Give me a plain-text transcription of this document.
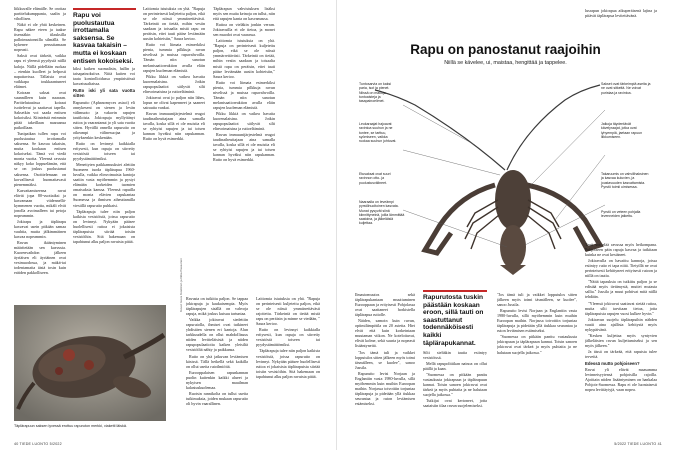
liikkuvalle elämälle. Se orottaa partitelukumppania, saalin ja vihollisen.

Näkö ei ole yhtä keskeinen. Rapu näkee eteen ja taakse itsensäkin tilauksilla palloimustonnilla silmällä. Se kykenee perusttamaan nopeasti.

Saksit ovat tärkeät, vaikka rapu ei yleensä pyydystä niillä kaloja. Niillä pidellään ruokaa – etenkin kuolleet ja helposti napattavissa. Tällaisia ovat vaikkapa toukkaantuneet eläimet.

Koiraan saksat ovat suunnilleen kuin naaraan. Parittelutaatissa koiraat isottelevat ja saattavat tapella. Saksetkin voi saada entisen kokoisiksi. Kiinteästä enimmin pitää takeillaan naaraansa paikoillaan.

Tunipaikan tullen rapu voi puolustautua irrottamalla saksensa. Se kasvaa takaisin, mutta kookaan entisen kokoiseksi. Tämä voi viedä monta vuotta. Yleensä ravusta näkyy koko loppuelämän, että se on joskus puolustanut saksensa. Osoittelemaan on korvallisesti huomattavasti pienemmäksi.

Kasvattamiseensa ravut elävät jopa 80-vuotiaiksi ja kasvamaan viidennellä-kymmenen vuotta, mikäli elvät jonolla avoimalleen tai petoja nopeammin.

Jokirapu ja täplärapu kasvavat usein pitkään samaa vauhtia, mutta jälkimmäinen kasvaa nopeammin.

Ravun ikääntyminen määritetään sen kasvusta. Kuorenvaihdon jälkeen äyriäisen eli äyriäinen ovat vesimuodossa, ja mäkä-tai todentamatta iästä tosin kuin eräiden pakkolliseen.

Rapu voi puolustautua irrottamalla saksensa. Se kasvaa takaisin – mutta ei koskaan entisen kokoiseksi.

kiksi kaiken suomalisin, hallin ja taisapainoksiiva. Niitä kuiten voi taata kontrolloidussa ympäristössä kasvatusaltaissa.

Rutto iski yli sata vuotta sitten

Rapurutto (Aphanomyces astaci) eli onnykeseni on sienen ja levän välimuoto ja vakavin rapujen tautiloista. Jokirapuja myllyttänyt ruttoa ja vaarantanut jo yli sata vuotta sitten. Hyvällä onnella rapurutto on oikeampi välinesuojaa ja yrityksenkin keskenään.

Rutto on levinnyt kaikkialla eritysesti, kun rapuja on siirretty vesistöstä toiseen tai pyydystämättömiksi.

Menettyten paikkamuuksiei alettiin Suomeen tuoda täplärapua 1960-luvulla, vaikka elinvoimaisia kantoja saatiin vasta myöhemmin ja pystyi elämään korkeiden tuomien omaisuksia kanssa. Yleensä rapuilla on monta elävien rapukantaa Suomessa ja ihmisen aiheuttamilla viestillä rapurutto puhkaisi.

Täplärapuja tulee niin paljon kaikista vesistöistä, joissa rapurutto on levinnyt. Nykyään pääsee huolellisesti ruttoa ei jokaisista täplärapuista siirtää toisiin vesistöihin. Sitä hakemaan on tapahtunut alku paljon ravuista pitää.

Laittomia istutuksia on yhä. "Rapuja on perinteisesti kuljetettu paljon, eikä se ole niissä ymmärrettävästi. Tärkeintä on tietää, mihin vesiin saadaan ja toisaalta mistä rapu on peräisin, ettei tauti pääse leviämään uusiin kohteisiin," Saura kertoo.

Rutto voi liimata esimerkiksi pienia, tummia pilkkuja ravun nivelissä ja muissa rapuvahvoilla. Tämän niin sanotun melanisaatioreaktion avulla eläin rapujen kuoleman elämistä.

Pikku likkiä on vaikea havaita kuorenalaisina. Jotkin rapupopulaatiot säilyvät silti elinvoimaisina ja ruttoeläiminä.

Jokiravut ovat jo paljon niin lähes, lopun ne olivat kapenneet ja saaneet sairautta vankat.

Ravun immuunijärjestelmä reagoi taudinaiheuttajaan aina samalla tavalla, koska sillä ei ole muistia eli se ryhtyisi rapujen ja tai toisen kannan hyväksi niin rapukannan. Rutto on hyvä esimerkki.

Ravusta on tutkittu paljon. Se tappaa jokirapuja ja kaukaisempia. Myös täplärapujen sisällä on vahvoja rapuja, mikä joskus kutsuu tartuntaa.

Vaikka jokiravut siedettiin rapurutolla, ihmiset ovat tutkineet yhdistäen sienen eri kantoja. Alun tarkkuudella on ollut mahdollisuus niiden levitteläisistä ja niiden rapupopulaatioita kaiken yleisiltä vesistöiltä nähty ja paikkansa.

Rutto on yhä jatkuvan leviämisen käsissä. Tällä hetkellä sekä kaikilla on ollut useita rutoilmiöitä.

Eurooppalaisen rapunkannan puolin kuitenkin kaikki alueet ja nykyisen maailman kalastuskuolemaa.

Ruotsin rannikolta on tullut useita tutkimuksia, joiden mukaan rapurutto oli hyvin vaarallinen.

Täplärapun vahvistuksen lisäksi myös sen muita keinoja on tullut, niin että rapujen kanta on kasvamassa.

Ruttoa on vieläkin jonkin verran. Jokiravuilla ei ole tietoa, ja monet sen muodot ovat vaarassa.

Laittomia istutuksia on yhä. "Rapuja on perinteisesti kuljetettu paljon, eikä se ole niissä ymmärrettävästi. Tärkeintä on tietää, mihin vesiin saadaan ja toisaalta mistä rapu on peräisin, ettei tauti pääse leviämään uusiin kohteisiin," Saura kertoo.

Rutto voi liimata esimerkiksi pienia, tummia pilkkuja ravun nivelissä ja muissa rapuvahvoilla. Tämän niin sanotun melanisaatioreaktion avulla eläin rapujen kuoleman elämistä.

Pikku likkiä on vaikea havaita kuorenalaisina. Jotkin rapupopulaatiot säilyvät silti elinvoimaisina ja ruttoeläiminä.

Ravun immuunijärjestelmä reagoi taudinaiheuttajaan aina samalla tavalla, koska sillä ei ole muistia eli se ryhtyisi rapujen ja tai toisen kannan hyväksi niin rapukannan. Rutto on hyvä esimerkki.

Laittomia istutuksia on yhä. "Rapuja on perinteisesti kuljetettu paljon, eikä se ole niissä ymmärrettävästi rajoitettu. Tärkeintä on tietää mistä rapu on peräisin ja minne se viedään, " Saura kertoo.

Rutto on levinnyt kaikkialla eritysesti, kun rapuja on siirretty vesistöstä toiseen tai pyydystämättömiksi.

Täplärapuja tulee niin paljon kaikista vesistöistä, joissa rapurutto on levinnyt. Nykyään pääsee huolellisesti ruttoa ei jokaisista täplärapuista siirtää toisiin vesistöihin. Sitä hakemaan on tapahtunut alku paljon ravuista pitää.

Kuvat: Eeva Koskinen ja Ilkka Paasonen
Täplärapuun saksen lyvessä erottuu rapuruton merkki, viaketti läiskä.
40 TIEDE LUONTO 5/2022
Rapu on panostanut raajoihin
Niillä se kävelee, ui, maistaa, hengittää ja tappelee.
Tuntosarvia on kaksi paria, isot ja pienet. Niissä on makuja tuntoaisteja ja tasapainoelimet.
Leukaraajat hajoavat ravintoa suuhun ja ne tuntee, se tarttuu, syömiseen, vaikka ruokaa suuhun johtuvat.
Etusaksat ovat suuri ravinnon otto- ja puolustusvälineet.
Naaraalla on leveämpi pyrstöhuoltoinen kasvata. Munat pysyvät siinä kiinnittyneinä, joilla lämmittää saatoina, ja jälkeläisiä kuljettaa.
Sakset ovat tärkeimpiä aseita ja ne ovat sitkeitä. Ne voivat puristaa ja ravintoa.
Jalkoja täydentävät kävelyraajat, jotka ovat lyhyempiä, jaetaan rapuun liikkumiseen.
Takaruumis on vahvilihaksinen ja kasvaa kuluvien, ja joustavuuden kasvattamista. Pyrstö toimii uimisessa.
Pyrstö on veteen pohjalla levenneiden jatkettu.

Ilmastomuutos sekä täplärapukantaan muuttuminen Eurooppaan ja erityisesti Pohjolassa ovat saattaneet horkistella täplärapua ruttolle.

Näiden, samoin kuin ruvun, optimilämpötila on 20 astetta. Hiet elvät että kuin korkeintaan muutaman viikon. Ne koteloituvat, elivät kolme, sekä suuria ja nopeasti lisääntyneitä.

"Jos tämä tuli ja vaikkei lopputulos sitten jälkeen myös toimi täsmälleen, se kuolee", sanoo Jussila.

Rapurutto levisi Norjaan ja Englantiin vasta 1980-luvulla, sillä myöhemmin kuin muihin Euroopan maihin. Norjassa toivottiin torjuntaa täplärapuja ja pidetään yllä tiukkaa seurantaa ja ruton leviämisen estämiseksi.

Rapurutosta tuskin päästään koskaan eroon, sillä tauti on saastuttanut todennäköisesti kaikki täplärapukannat.

Silti sieltäkin tautia esiintyy vesistöissä.

Mellä rapupolitiikan nainoa on ollut päällä ja kaan.

"Suomessa on pitkään panttu vastaukusta jokirapuun ja täplärapuun kannat. Toisin sanoen jokiravut ovat tärkeä ja myös puhtaita ja ne halutaan suojella jatkossa."

Tutkijat ovat kertoneet, jotta saataisiin tilaa ravun suojelemiseksi.

lusrapun jokirapua aikuperäisenä lajina ja pitävät täplärapua levitettävänä.

Tauti voi elää ravussa myös heikompana. Pohjoiseen päin rapuja kasvaa ja tutkitaan kuinka ne ovat kestäneet.

Jokiravulla on havaittu kannoja, joissa esiintyy rutto ei tapa niitä. Tietyillä ne ovat perinteisesti kehittyneet erityisesti rutoon ja niillä on tautia.

"Näitä tapauksia on tutkittu paljon ja se edistää myös tietämystä, muttei mutasta sallia." Jussila ja muut pohtivat mitä niillä tehdään.

"Yleensä jokiravut saattavat sietää ruttoa, mutta silti tarvitaan tietoa, jotta täplärapuista rapujen vuosi kulkee hyvin."

Jokiravun suojelu täplärapuihin nähden vaatii aina ajallista kehitystä myös nykypäivänä.

"Kesken kuljettaa myös syntyvien jälkeläisten ravun kuljettamiseksi ja sen myös jälkeen."

Ja tässä on tärkeää, että rapuista tulee terveitä.

Edessä mutto pohjoiseen?

Ravut yli elävät maasamma levinneisyytensä pohjoisilla rajoilla. Ajoittain niiden lisääntyminen on hankalaa Pohjois-Suomessa. Rapu ei ole luontaisesti nopea levittäytyjä, vaan nopea.

"Jos tämä tuli ja vaikkei lopputulos sitten jälkeen myös toimi täsmälleen, se kuolee", sanoo Jussila.

Rapurutto levisi Norjaan ja Englantiin vasta 1980-luvulla, sillä myöhemmin kuin muihin Euroopan maihin. Norjassa toivottiin torjuntaa täplärapuja ja pidetään yllä tiukkaa seurantaa ja ruton leviämisen estämiseksi.

"Suomessa on pitkään panttu vastaukusta jokirapuun ja täplärapuun kannat. Toisin sanoen jokiravut ovat tärkeä ja myös puhtaita ja ne halutaan suojella jatkossa."

5/2022 TIEDE LUONTO 41
